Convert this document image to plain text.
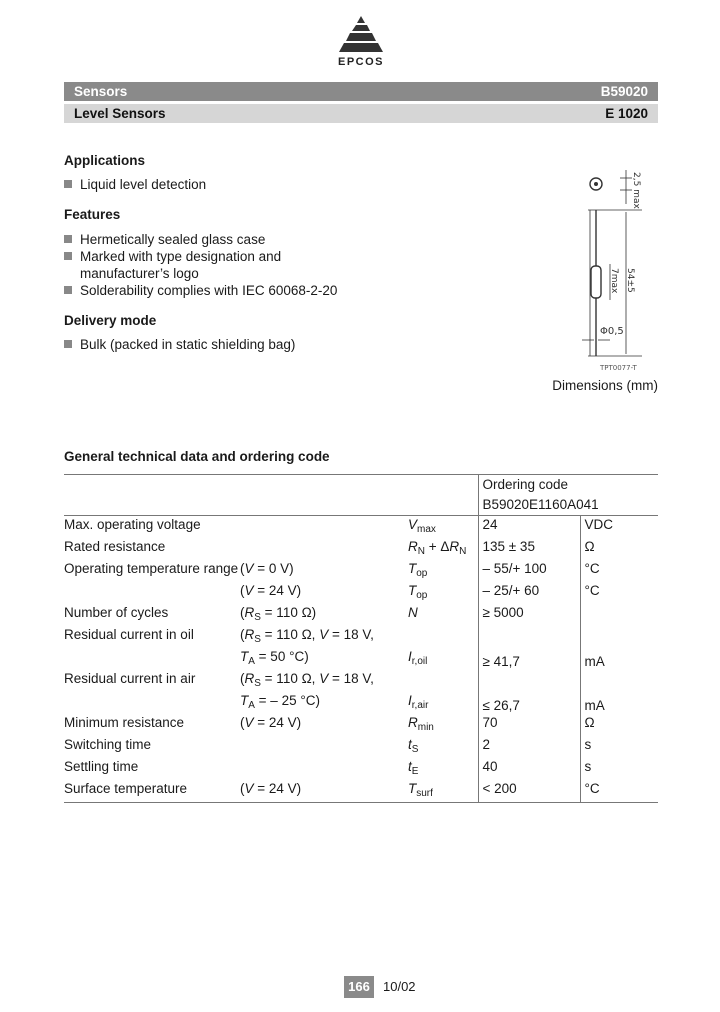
EPCOS
Sensors	B59020
Level Sensors	E 1020
Applications
Liquid level detection
Features
Hermetically sealed glass case
Marked with type designation and
manufacturer’s logo
Solderability complies with IEC 60068-2-20
Delivery mode
Bulk (packed in static shielding bag)
2,5 max
7max 54±5
Φ0,5
TPT0077-T
Dimensions (mm)
General technical data and ordering code
			Ordering code	
			B59020E1160A041	
Max. operating voltage		$V_{max}$	24	VDC
Rated resistance		$R_N + \Delta R_N$	135 ± 35	Ω
Operating temperature range	(V = 0 V)	$T_{op}$	– 55/+ 100	°C
	(V = 24 V)	$T_{op}$	– 25/+ 60	°C
Number of cycles	($R_S = 110$ Ω)	N	≥ 5000	
Residual current in oil	($R_S = 110$ Ω, V = 18 V,
$T_A = 50$ °C)	$I_{r,oil}$	≥ 41,7	mA
Residual current in air	($R_S = 110$ Ω, V = 18 V,
$T_A$ = – 25 °C)	$I_{r,air}$	≤ 26,7	mA
Minimum resistance	(V = 24 V)	$R_{min}$	70	Ω
Switching time		$t_S$	2	s
Settling time		$t_E$	40	s
Surface temperature	(V = 24 V)	$T_{surf}$	< 200	°C
166	10/02
